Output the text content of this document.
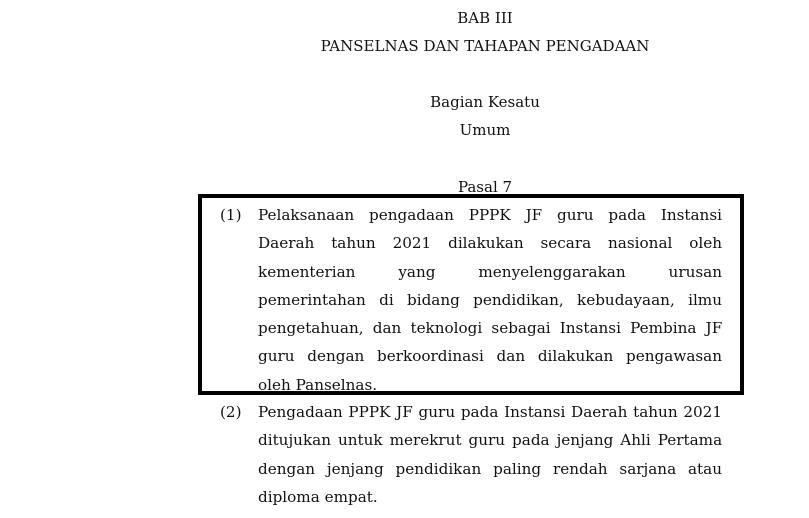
BAB III
PANSELNAS DAN TAHAPAN PENGADAAN
Bagian Kesatu
Umum
Pasal 7
(1)	Pelaksanaan pengadaan PPPK JF guru pada Instansi
Daerah tahun 2021 dilakukan secara nasional oleh
kementerian yang menyelenggarakan urusan
pemerintahan di bidang pendidikan, kebudayaan, ilmu
pengetahuan, dan teknologi sebagai Instansi Pembina JF
guru dengan berkoordinasi dan dilakukan pengawasan
oleh Panselnas.
(2)	Pengadaan PPPK JF guru pada Instansi Daerah tahun 2021
ditujukan untuk merekrut guru pada jenjang Ahli Pertama
dengan jenjang pendidikan paling rendah sarjana atau
diploma empat.
